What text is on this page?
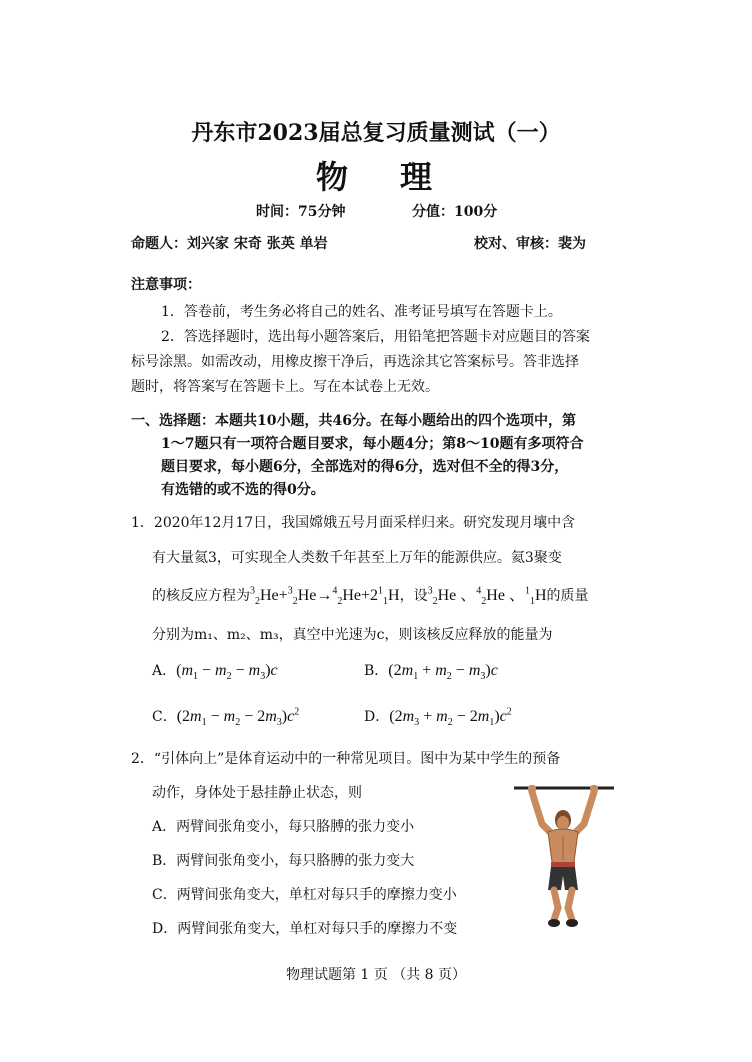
丹东市2023届总复习质量测试（一）
物 理
时间：75分钟	分值：100分
命题人：刘兴家 宋奇 张英 单岩	校对、审核：裴为
注意事项：
1．答卷前，考生务必将自己的姓名、准考证号填写在答题卡上。
2．答选择题时，选出每小题答案后，用铅笔把答题卡对应题目的答案
标号涂黑。如需改动，用橡皮擦干净后，再选涂其它答案标号。答非选择
题时，将答案写在答题卡上。写在本试卷上无效。
一、选择题：本题共10小题，共46分。在每小题给出的四个选项中，第
1～7题只有一项符合题目要求，每小题4分；第8～10题有多项符合
题目要求，每小题6分，全部选对的得6分，选对但不全的得3分，
有选错的或不选的得0分。
1．2020年12月17日，我国嫦娥五号月面采样归来。研究发现月壤中含
有大量氦3，可实现全人类数千年甚至上万年的能源供应。氦3聚变
的核反应方程为$^3_2He+^3_2He\to^4_2He+2^1_1H$，设$^3_2$He 、$^4_2$He 、$^1_1$H的质量
分别为m₁、m₂、m₃，真空中光速为c，则该核反应释放的能量为
A．$(m_1 - m_2 - m_3)c$	B．$(2m_1 + m_2 - m_3)c$
C．$(2m_1 - m_2 - 2m_3)c^2$	D．$(2m_3 + m_2 - 2m_1)c^2$
2．“引体向上”是体育运动中的一种常见项目。图中为某中学生的预备
动作，身体处于悬挂静止状态，则
A．两臂间张角变小，每只胳膊的张力变小
B．两臂间张角变小，每只胳膊的张力变大
C．两臂间张角变大，单杠对每只手的摩擦力变小
D．两臂间张角变大，单杠对每只手的摩擦力不变
物理试题第 1 页 （共 8 页）
